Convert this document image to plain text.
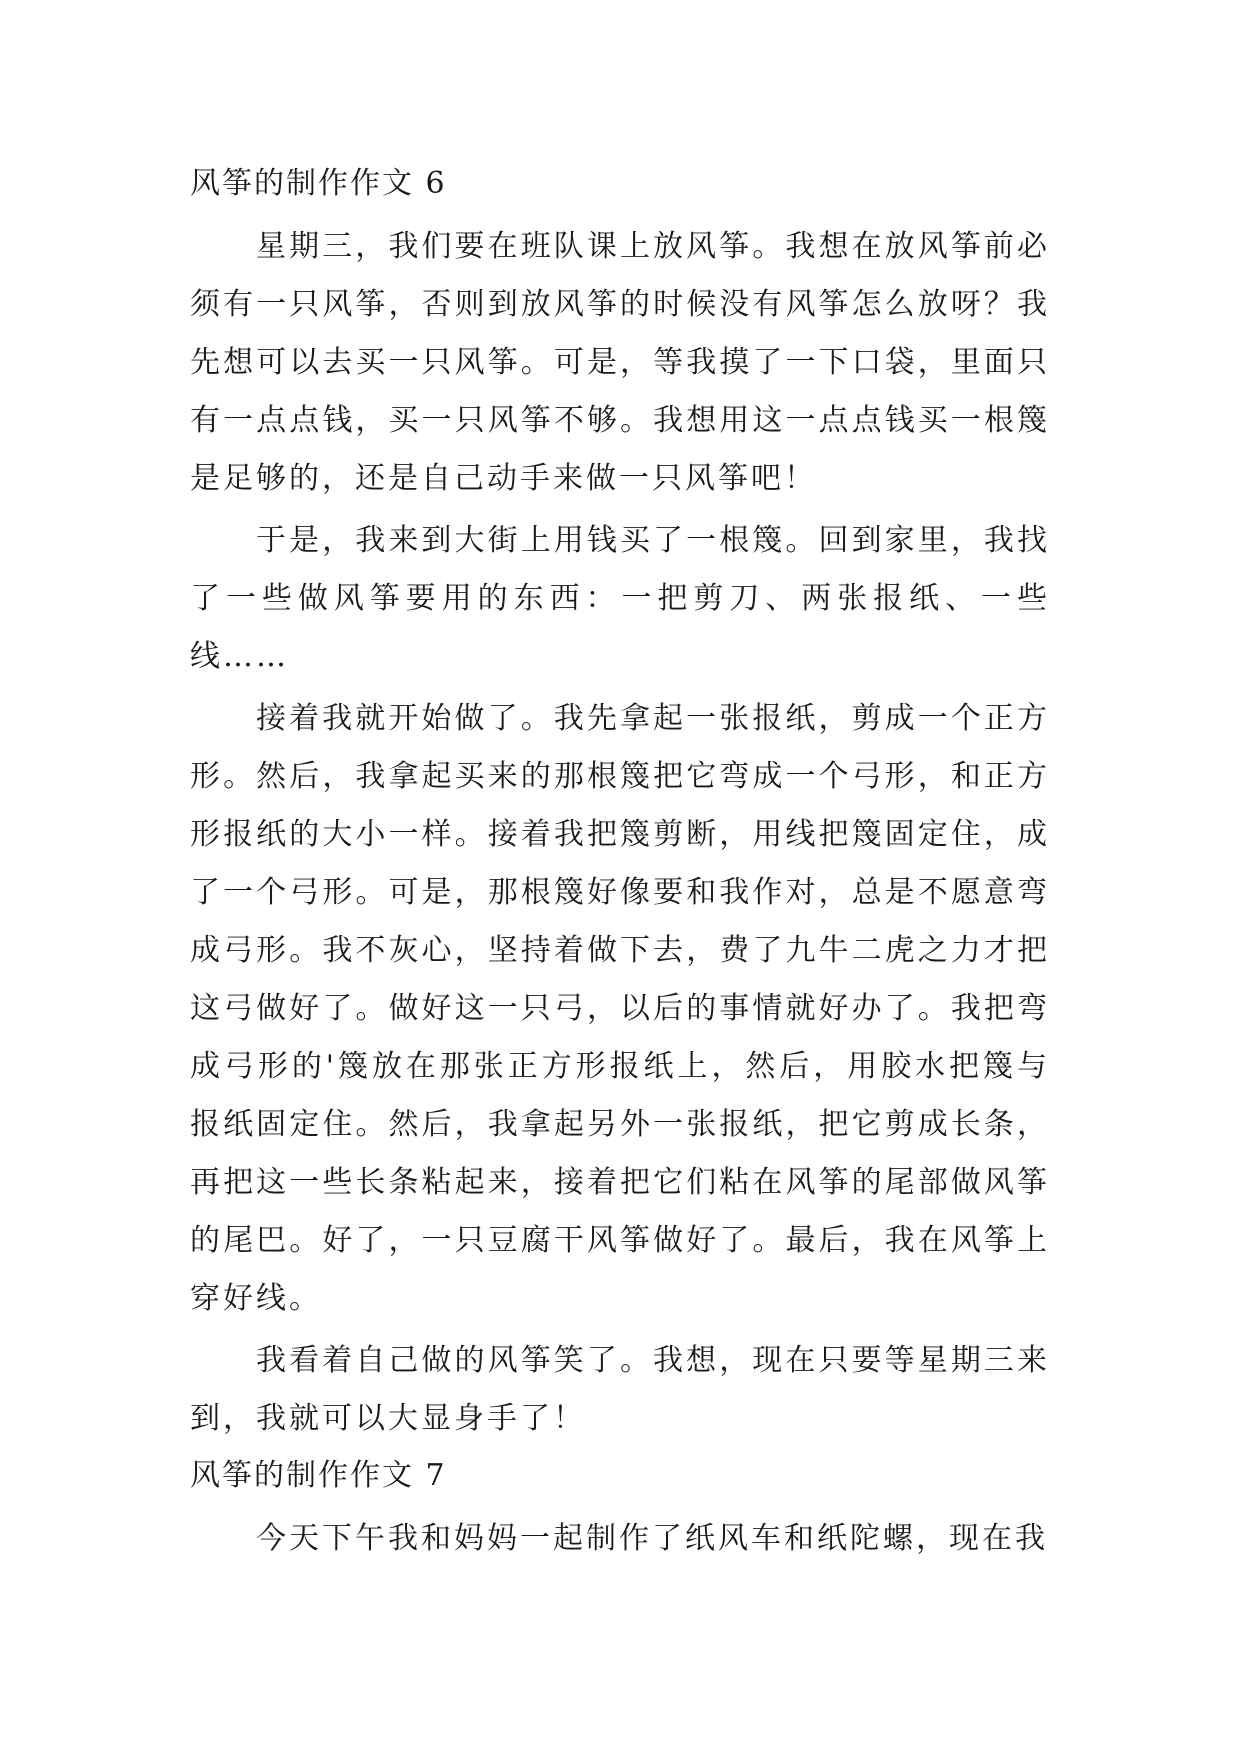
风筝的制作作文 6

星期三，我们要在班队课上放风筝。我想在放风筝前必须有一只风筝，否则到放风筝的时候没有风筝怎么放呀？我先想可以去买一只风筝。可是，等我摸了一下口袋，里面只有一点点钱，买一只风筝不够。我想用这一点点钱买一根篾是足够的，还是自己动手来做一只风筝吧！

于是，我来到大街上用钱买了一根篾。回到家里，我找了一些做风筝要用的东西：一把剪刀、两张报纸、一些线……

接着我就开始做了。我先拿起一张报纸，剪成一个正方形。然后，我拿起买来的那根篾把它弯成一个弓形，和正方形报纸的大小一样。接着我把篾剪断，用线把篾固定住，成了一个弓形。可是，那根篾好像要和我作对，总是不愿意弯成弓形。我不灰心，坚持着做下去，费了九牛二虎之力才把这弓做好了。做好这一只弓，以后的事情就好办了。我把弯成弓形的'篾放在那张正方形报纸上，然后，用胶水把篾与报纸固定住。然后，我拿起另外一张报纸，把它剪成长条，再把这一些长条粘起来，接着把它们粘在风筝的尾部做风筝的尾巴。好了，一只豆腐干风筝做好了。最后，我在风筝上穿好线。

我看着自己做的风筝笑了。我想，现在只要等星期三来到，我就可以大显身手了！

风筝的制作作文 7

今天下午我和妈妈一起制作了纸风车和纸陀螺，现在我
